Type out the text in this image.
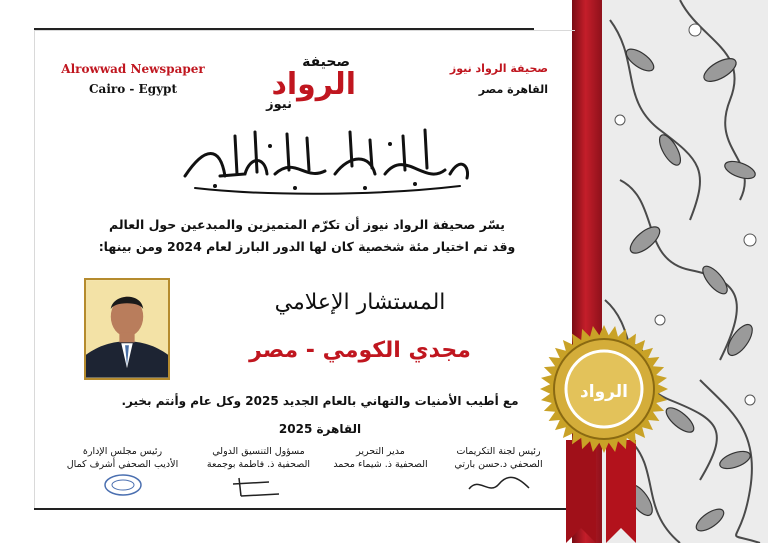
Alrowwad Newspaper
Cairo - Egypt
صحيفة
الرواد
نيوز
صحيفة الرواد نيوز
القاهرة مصر
يسّر صحيفة الرواد نيوز أن تكرّم المتميزين والمبدعين حول العالم
وقد تم اختيار مئة شخصية كان لها الدور البارز لعام 2024 ومن بينها:
المستشار الإعلامي
مجدي الكومي - مصر
مع أطيب الأمنيات والتهاني بالعام الجديد 2025 وكل عام وأنتم بخير.
القاهرة 2025
رئيس لجنة التكريمات
الصحفي د.حسن بارتي
مدير التحرير
الصحفية ذ. شيماء محمد
مسؤول التنسيق الدولي
الصحفية ذ. فاطمة بوجمعة
رئيس مجلس الإدارة
الأديب الصحفي أشرف كمال
الرواد
